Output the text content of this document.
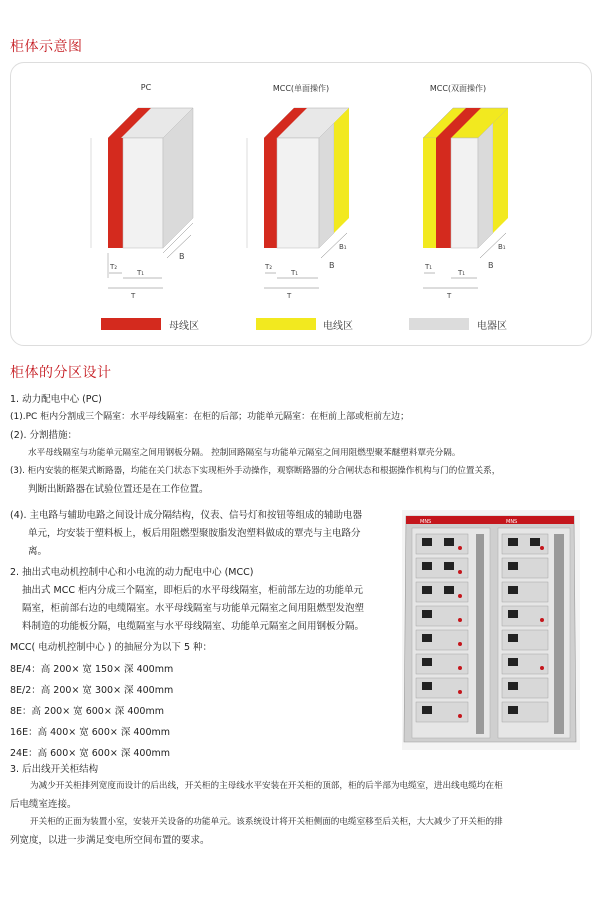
柜体示意图
PC	MCC(单面操作)	MCC(双面操作)
T₂
T₁
B
T
T₂
T₁
B₁
B
T
T₁
T₁
B₁
B
T
母线区	电线区	电器区
柜体的分区设计
1. 动力配电中心 (PC)
(1).PC 柜内分割成三个隔室：水平母线隔室：在柜的后部；功能单元隔室：在柜前上部或柜前左边；
(2). 分割措施：
水平母线隔室与功能单元隔室之间用钢板分隔。 控制回路隔室与功能单元隔室之间用阻燃型聚苯醚塑料覃壳分隔。
(3). 柜内安装的框架式断路器，均能在关门状态下实现柜外手动操作，观察断路器的分合闸状态和根据操作机构与门的位置关系，
判断出断路器在试验位置还是在工作位置。
(4). 主电路与辅助电路之间设计成分隔结构，仪表、信号灯和按钮等组成的辅助电器
单元，均安装于塑料板上，板后用阻燃型聚胺脂发泡塑料做成的覃壳与主电路分
离。
2. 抽出式电动机控制中心和小电流的动力配电中心 (MCC)
抽出式 MCC 柜内分成三个隔室，即柜后的水平母线隔室，柜前部左边的功能单元
隔室，柜前部右边的电缆隔室。水平母线隔室与功能单元隔室之间用阻燃型发泡塑
料制造的功能板分隔，电缆隔室与水平母线隔室、功能单元隔室之间用钢板分隔。
MCC( 电动机控制中心 ) 的抽屉分为以下 5 种：
8E/4：高 200× 宽 150× 深 400mm
8E/2：高 200× 宽 300× 深 400mm
8E：高 200× 宽 600× 深 400mm
16E：高 400× 宽 600× 深 400mm
24E：高 600× 宽 600× 深 400mm
3. 后出线开关柜结构
为减少开关柜排列宽度而设计的后出线，开关柜的主母线水平安装在开关柜的顶部，柜的后半部为电缆室，进出线电缆均在柜
后电缆室连接。
开关柜的正面为装置小室，安装开关设备的功能单元。该系统设计将开关柜侧面的电缆室移至后关柜，大大减少了开关柜的排
列宽度，以进一步满足变电所空间布置的要求。
MNS	MNS
